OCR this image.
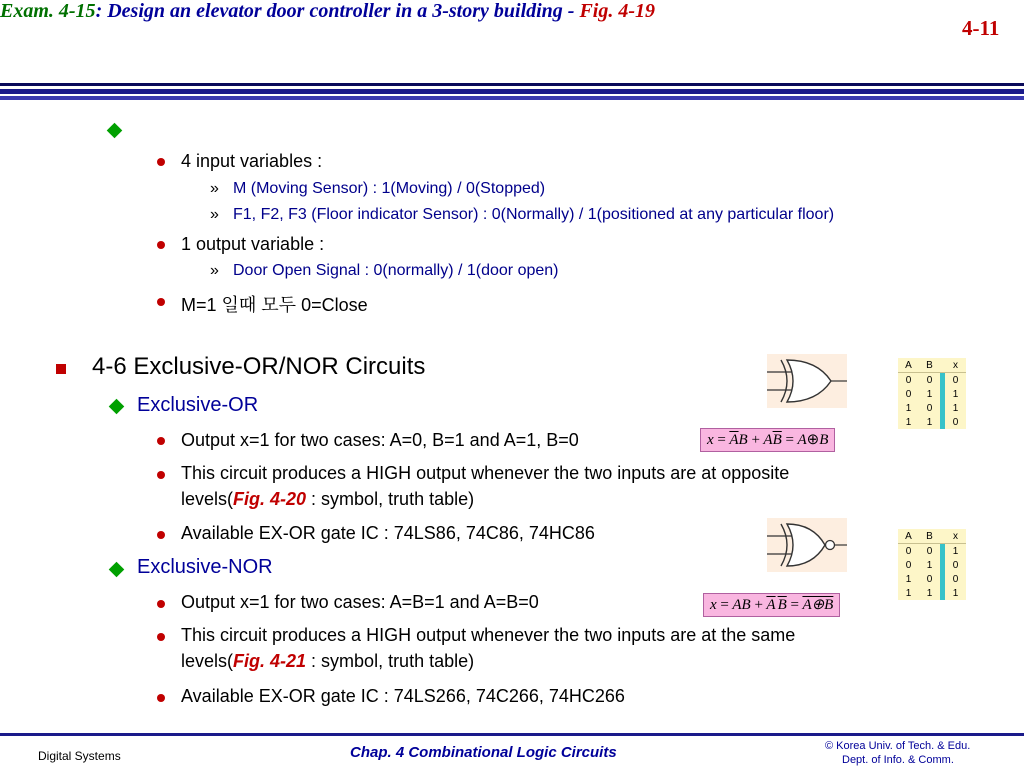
4-11
Exam. 4-15: Design an elevator door controller in a 3-story building - Fig. 4-19
4 input variables :
» M (Moving Sensor) : 1(Moving) / 0(Stopped)
» F1, F2, F3 (Floor indicator Sensor) : 0(Normally) / 1(positioned at any particular floor)
1 output variable :
» Door Open Signal : 0(normally) / 1(door open)
M=1 일때 모두 0=Close
4-6 Exclusive-OR/NOR Circuits
Exclusive-OR
Output x=1 for two cases: A=0, B=1 and A=1, B=0
This circuit produces a HIGH output whenever the two inputs are at opposite
levels(Fig. 4-20 : symbol, truth table)
Available EX-OR gate IC : 74LS86, 74C86, 74HC86
Exclusive-NOR
Output x=1 for two cases: A=B=1 and A=B=0
This circuit produces a HIGH output whenever the two inputs are at the same
levels(Fig. 4-21 : symbol, truth table)
Available EX-OR gate IC : 74LS266, 74C266, 74HC266
A	B		x
0	0		0
0	1		1
1	0		1
1	1		0
A	B		x
0	0		1
0	1		0
1	0		0
1	1		1
$x = \overline{A}B + A\overline{B}$ = A⊕B
x = AB + $\overline{A}$ $\overline{B}$ = A⊕B
Digital Systems	Chap. 4 Combinational Logic Circuits	© Korea Univ. of Tech. & Edu.
Dept. of Info. & Comm.
